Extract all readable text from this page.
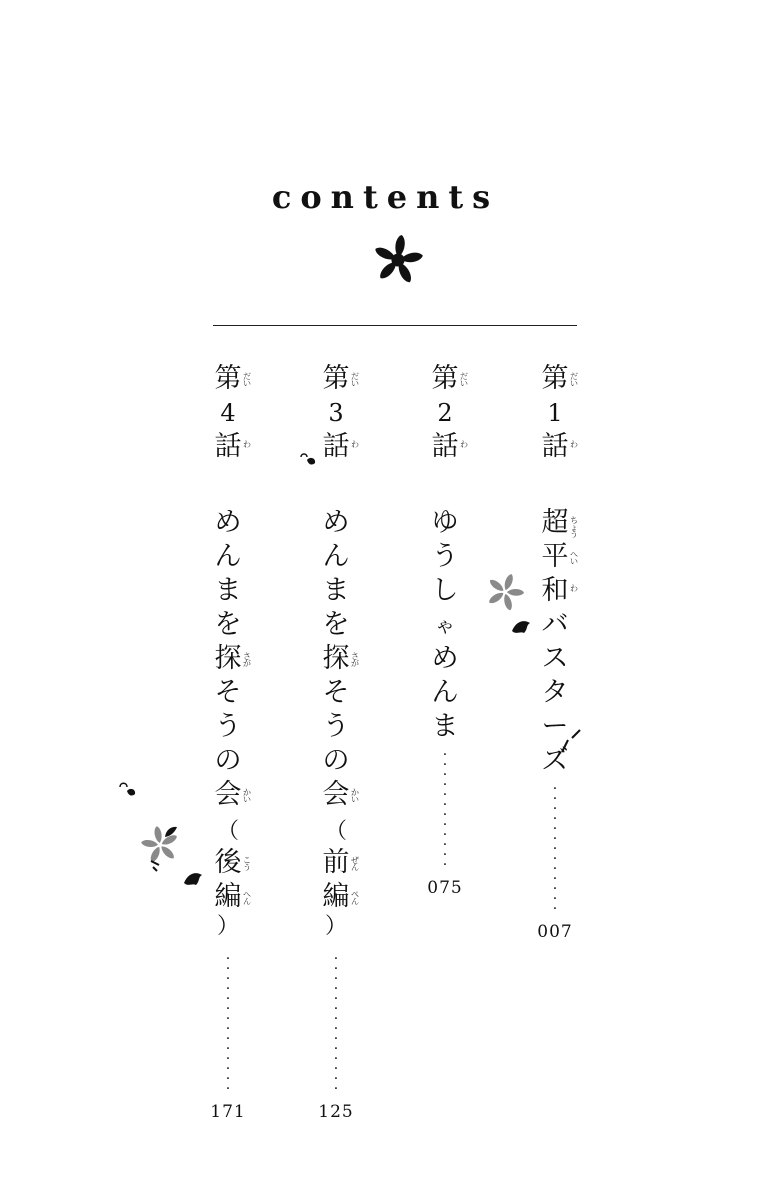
contents
第 だ
い
1
話 わ
超 ち
ょ
う
平 へ
い
和 わ
バ
ス
タ
ー
ズ
·
·
·
·
·
·
·
·
·
·
·
·
·
007
第 だ
い
2
話 わ
ゆ
う
し
ゃ
め
ん
ま
·
·
·
·
·
·
·
·
·
·
·
·
075
第 だ
い
3
話 わ
め
ん
ま
を
探 さ
が
そ
う
の
会 か
い
（
前 ぜ
ん
編 ぺ
ん
）
·
·
·
·
·
·
·
·
·
·
·
·
·
·
125
第 だ
い
4
話 わ
め
ん
ま
を
探 さ
が
そ
う
の
会 か
い
（
後 こ
う
編 へ
ん
）
·
·
·
·
·
·
·
·
·
·
·
·
·
·
171
